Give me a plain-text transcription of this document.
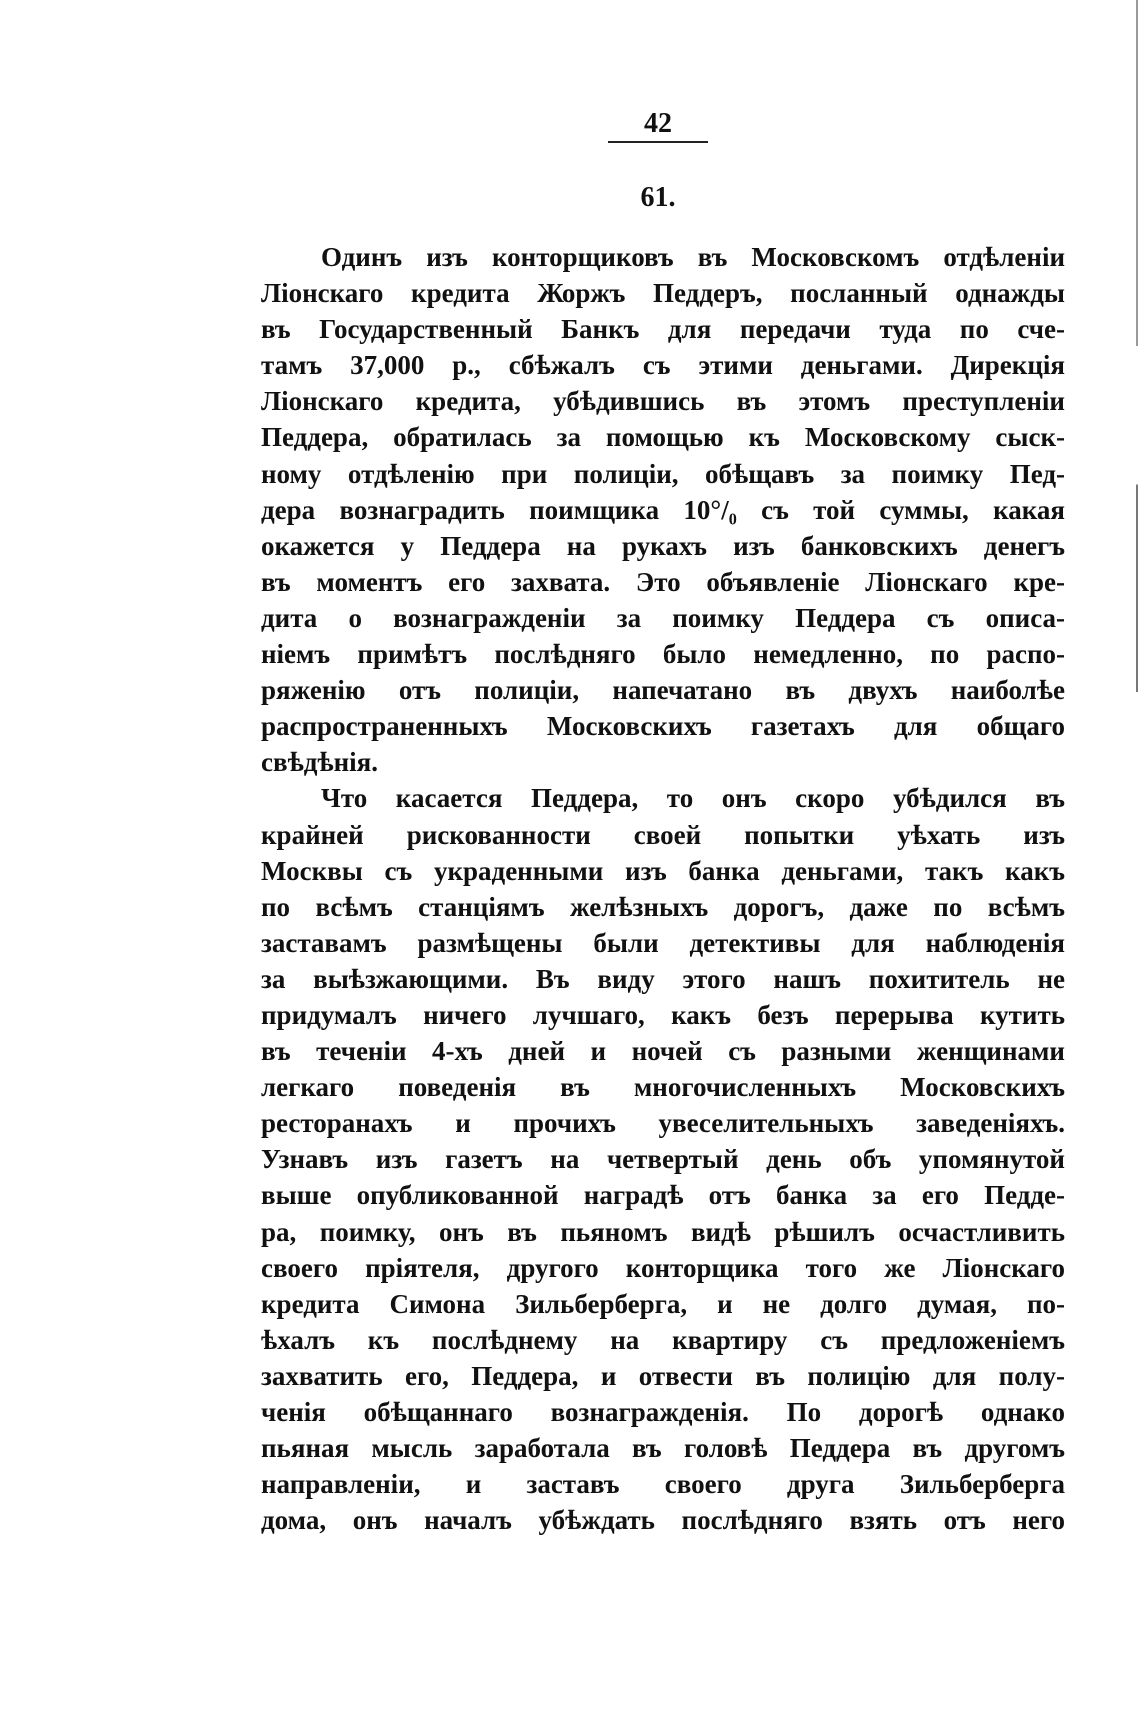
42
61.
Одинъ изъ конторщиковъ въ Московскомъ отдѣленіи
Ліонскаго кредита Жоржъ Педдеръ, посланный однажды
въ Государственный Банкъ для передачи туда по сче-
тамъ 37,000 р., сбѣжалъ съ этими деньгами. Дирекція
Ліонскаго кредита, убѣдившись въ этомъ преступленіи
Педдера, обратилась за помощью къ Московскому сыск-
ному отдѣленію при полиціи, обѣщавъ за поимку Пед-
дера вознаградить поимщика 10°/₀ съ той суммы, какая
окажется у Педдера на рукахъ изъ банковскихъ денегъ
въ моментъ его захвата. Это объявленіе Ліонскаго кре-
дита о вознагражденіи за поимку Педдера съ описа-
ніемъ примѣтъ послѣдняго было немедленно, по распо-
ряженію отъ полиціи, напечатано въ двухъ наиболѣе
распространенныхъ Московскихъ газетахъ для общаго
свѣдѣнія.
Что касается Педдера, то онъ скоро убѣдился въ
крайней рискованности своей попытки уѣхать изъ
Москвы съ украденными изъ банка деньгами, такъ какъ
по всѣмъ станціямъ желѣзныхъ дорогъ, даже по всѣмъ
заставамъ размѣщены были детективы для наблюденія
за выѣзжающими. Въ виду этого нашъ похититель не
придумалъ ничего лучшаго, какъ безъ перерыва кутить
въ теченіи 4-хъ дней и ночей съ разными женщинами
легкаго поведенія въ многочисленныхъ Московскихъ
ресторанахъ и прочихъ увеселительныхъ заведеніяхъ.
Узнавъ изъ газетъ на четвертый день объ упомянутой
выше опубликованной наградѣ отъ банка за его Педде-
ра, поимку, онъ въ пьяномъ видѣ рѣшилъ осчастливить
своего пріятеля, другого конторщика того же Ліонскаго
кредита Симона Зильберберга, и не долго думая, по-
ѣхалъ къ послѣднему на квартиру съ предложеніемъ
захватить его, Педдера, и отвести въ полицію для полу-
ченія обѣщаннаго вознагражденія. По дорогѣ однако
пьяная мысль заработала въ головѣ Педдера въ другомъ
направленіи, и заставъ своего друга Зильберберга
дома, онъ началъ убѣждать послѣдняго взять отъ него
